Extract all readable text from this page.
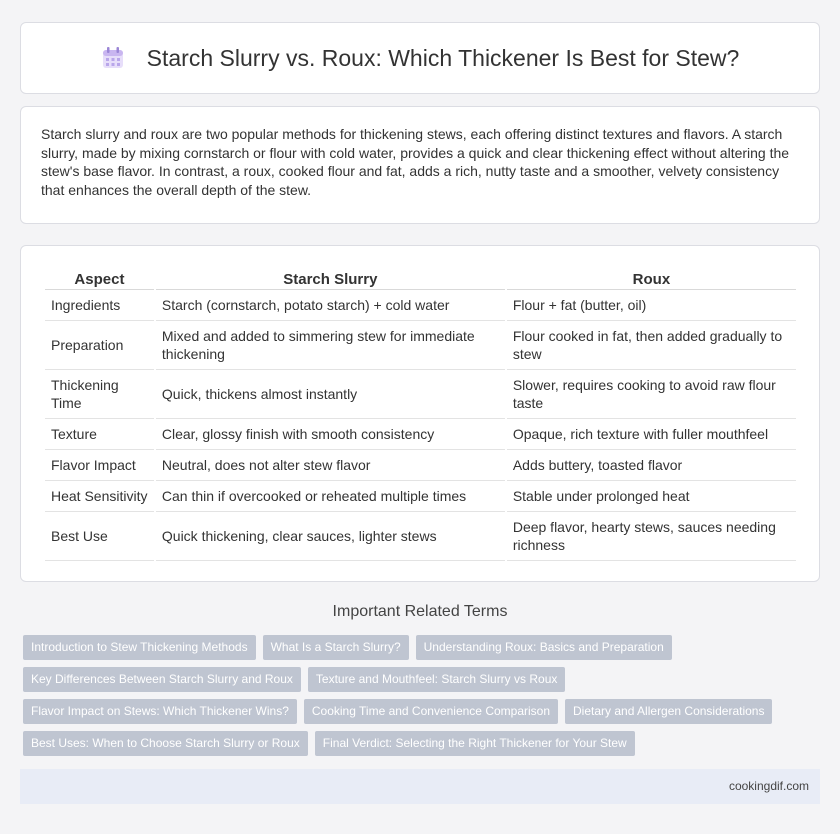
Starch Slurry vs. Roux: Which Thickener Is Best for Stew?

Starch slurry and roux are two popular methods for thickening stews, each offering distinct textures and flavors. A starch slurry, made by mixing cornstarch or flour with cold water, provides a quick and clear thickening effect without altering the stew's base flavor. In contrast, a roux, cooked flour and fat, adds a rich, nutty taste and a smoother, velvety consistency that enhances the overall depth of the stew.

Aspect	Starch Slurry	Roux
Ingredients	Starch (cornstarch, potato starch) + cold water	Flour + fat (butter, oil)
Preparation	Mixed and added to simmering stew for immediate thickening	Flour cooked in fat, then added gradually to stew
Thickening Time	Quick, thickens almost instantly	Slower, requires cooking to avoid raw flour taste
Texture	Clear, glossy finish with smooth consistency	Opaque, rich texture with fuller mouthfeel
Flavor Impact	Neutral, does not alter stew flavor	Adds buttery, toasted flavor
Heat Sensitivity	Can thin if overcooked or reheated multiple times	Stable under prolonged heat
Best Use	Quick thickening, clear sauces, lighter stews	Deep flavor, hearty stews, sauces needing richness
Important Related Terms
Introduction to Stew Thickening Methods	What Is a Starch Slurry?	Understanding Roux: Basics and Preparation
Key Differences Between Starch Slurry and Roux	Texture and Mouthfeel: Starch Slurry vs Roux
Flavor Impact on Stews: Which Thickener Wins?	Cooking Time and Convenience Comparison	Dietary and Allergen Considerations
Best Uses: When to Choose Starch Slurry or Roux	Final Verdict: Selecting the Right Thickener for Your Stew
cookingdif.com
